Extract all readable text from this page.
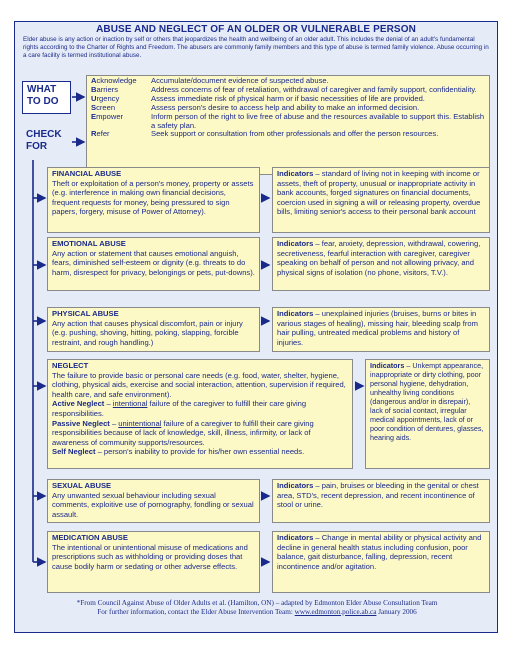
ABUSE AND NEGLECT OF AN OLDER OR VULNERABLE PERSON
Elder abuse is any action or inaction by self or others that jeopardizes the health and wellbeing of an older adult. This includes the denial of an adult's fundamental rights according to the Charter of Rights and Freedom. The abusers are commonly family members and this type of abuse is termed family violence. Abuse occurring in a care facility is termed institutional abuse.
WHAT
TO DO
CHECK
FOR
Acknowledge	Accumulate/document evidence of suspected abuse.
Barriers	Address concerns of fear of retaliation, withdrawal of caregiver and family support, confidentiality.
Urgency	Assess immediate risk of physical harm or if basic necessities of life are provided.
Screen	Assess person's desire to access help and ability to make an informed decision.
Empower	Inform person of the right to live free of abuse and the resources available to support this. Establish a safety plan.
Refer	Seek support or consultation from other professionals and offer the person resources.
FINANCIAL ABUSE

Theft or exploitation of a person's money, property or assets (e.g. interference in making own financial decisions, frequent requests for money, being pressured to sign papers, forgery, misuse of Power of Attorney).

Indicators – standard of living not in keeping with income or assets, theft of property, unusual or inappropriate activity in bank accounts, forged signatures on financial documents, coercion used in signing a will or releasing property, overdue bills, limiting senior's access to their personal bank account

EMOTIONAL ABUSE

Any action or statement that causes emotional anguish, fears, diminished self-esteem or dignity (e.g. threats to do harm, disrespect for privacy, belongings or pets, put-downs).

Indicators – fear, anxiety, depression, withdrawal, cowering, secretiveness, fearful interaction with caregiver, caregiver speaking on behalf of person and not allowing privacy, and physical signs of isolation (no phone, visitors, T.V.).

PHYSICAL ABUSE

Any action that causes physical discomfort, pain or injury (e.g. pushing, shoving, hitting, poking, slapping, forcible restraint, and rough handling.)

Indicators – unexplained injuries (bruises, burns or bites in various stages of healing), missing hair, bleeding scalp from hair pulling, untreated medical problems and history of injuries.

NEGLECT

The failure to provide basic or personal care needs (e.g. food, water, shelter, hygiene, clothing, physical aids, exercise and social interaction, attention, supervision if required, health care, and safe environment).

Active Neglect – intentional failure of the caregiver to fulfill their care giving responsibilities.

Passive Neglect – unintentional failure of a caregiver to fulfill their care giving responsibilities because of lack of knowledge, skill, illness, infirmity, or lack of awareness of community supports/resources.

Self Neglect – person's inability to provide for his/her own essential needs.

Indicators – Unkempt appearance, inappropriate or dirty clothing, poor personal hygiene, dehydration, unhealthy living conditions (dangerous and/or in disrepair), lack of social contact, irregular medical appointments, lack of or poor condition of dentures, glasses, hearing aids.

SEXUAL ABUSE

Any unwanted sexual behaviour including sexual comments, exploitive use of pornography, fondling or sexual assault.

Indicators – pain, bruises or bleeding in the genital or chest area, STD's, recent depression, and recent incontinence of stool or urine.

MEDICATION ABUSE

The intentional or unintentional misuse of medications and prescriptions such as withholding or providing doses that cause bodily harm or sedating or other adverse effects.

Indicators – Change in mental ability or physical activity and decline in general health status including confusion, poor balance, gait disturbance, falling, depression, recent incontinence and/or agitation.

*From Council Against Abuse of Older Adults et al. (Hamilton, ON) – adapted by Edmonton Elder Abuse Consultation Team
For further information, contact the Elder Abuse Intervention Team: www.edmonton.police.ab.ca January 2006
